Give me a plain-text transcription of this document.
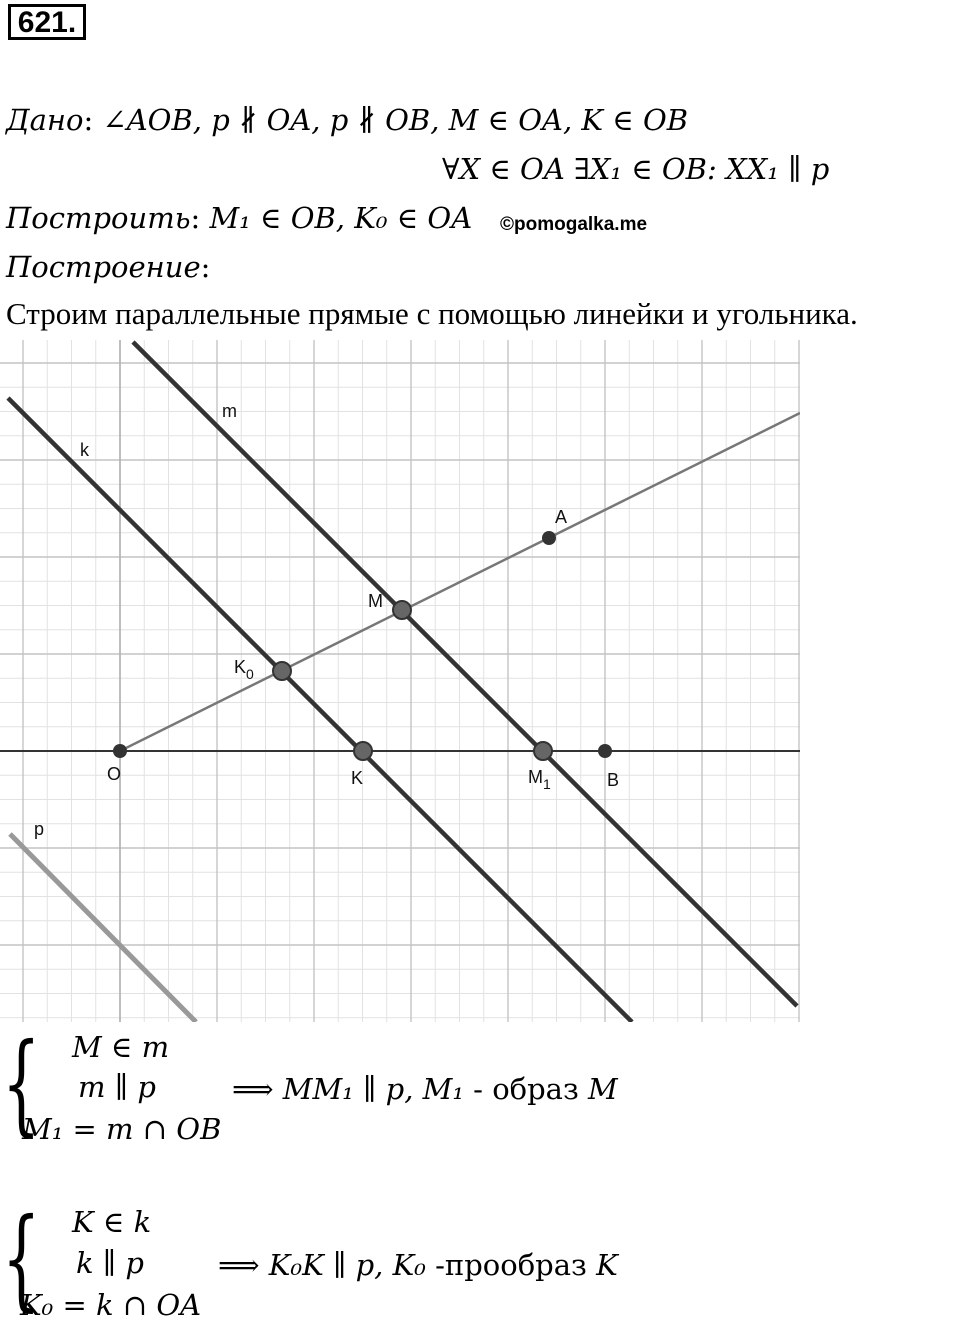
621.
Дано: ∠AOB, p ∦ OA, p ∦ OB, M ∈ OA, K ∈ OB
∀X ∈ OA ∃X₁ ∈ OB: XX₁ ∥ p
Построить: M₁ ∈ OB, K₀ ∈ OA ©pomogalka.me
Построение:
Строим параллельные прямые с помощью линейки и угольника.
m
k
p
A
M
$K_0$
O	K	$M_1$	B
{ M ∈ m
m ∥ p
M₁ = m ∩ OB
⟹ MM₁ ∥ p, M₁ - образ M
{ K ∈ k
k ∥ p
K₀ = k ∩ OA
⟹ K₀K ∥ p, K₀ -прообраз K
